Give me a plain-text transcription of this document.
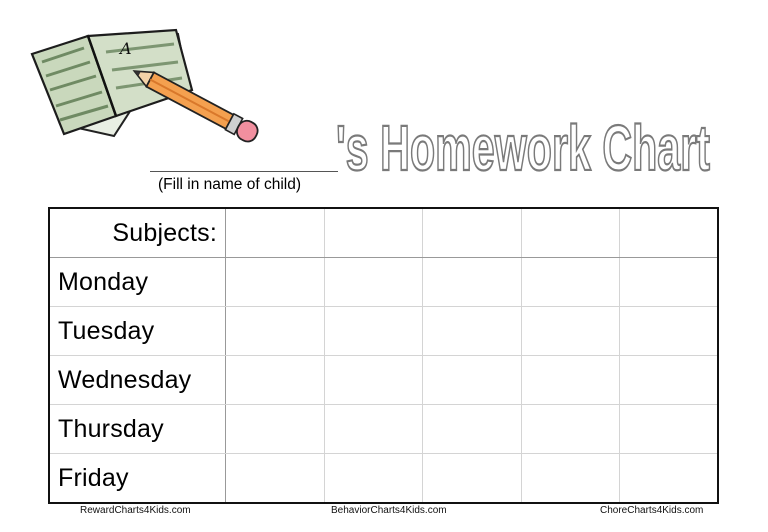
A
(Fill in name of child)
's Homework Chart
Subjects:					
Monday					
Tuesday					
Wednesday					
Thursday					
Friday					
RewardCharts4Kids.com	BehaviorCharts4Kids.com	ChoreCharts4Kids.com
